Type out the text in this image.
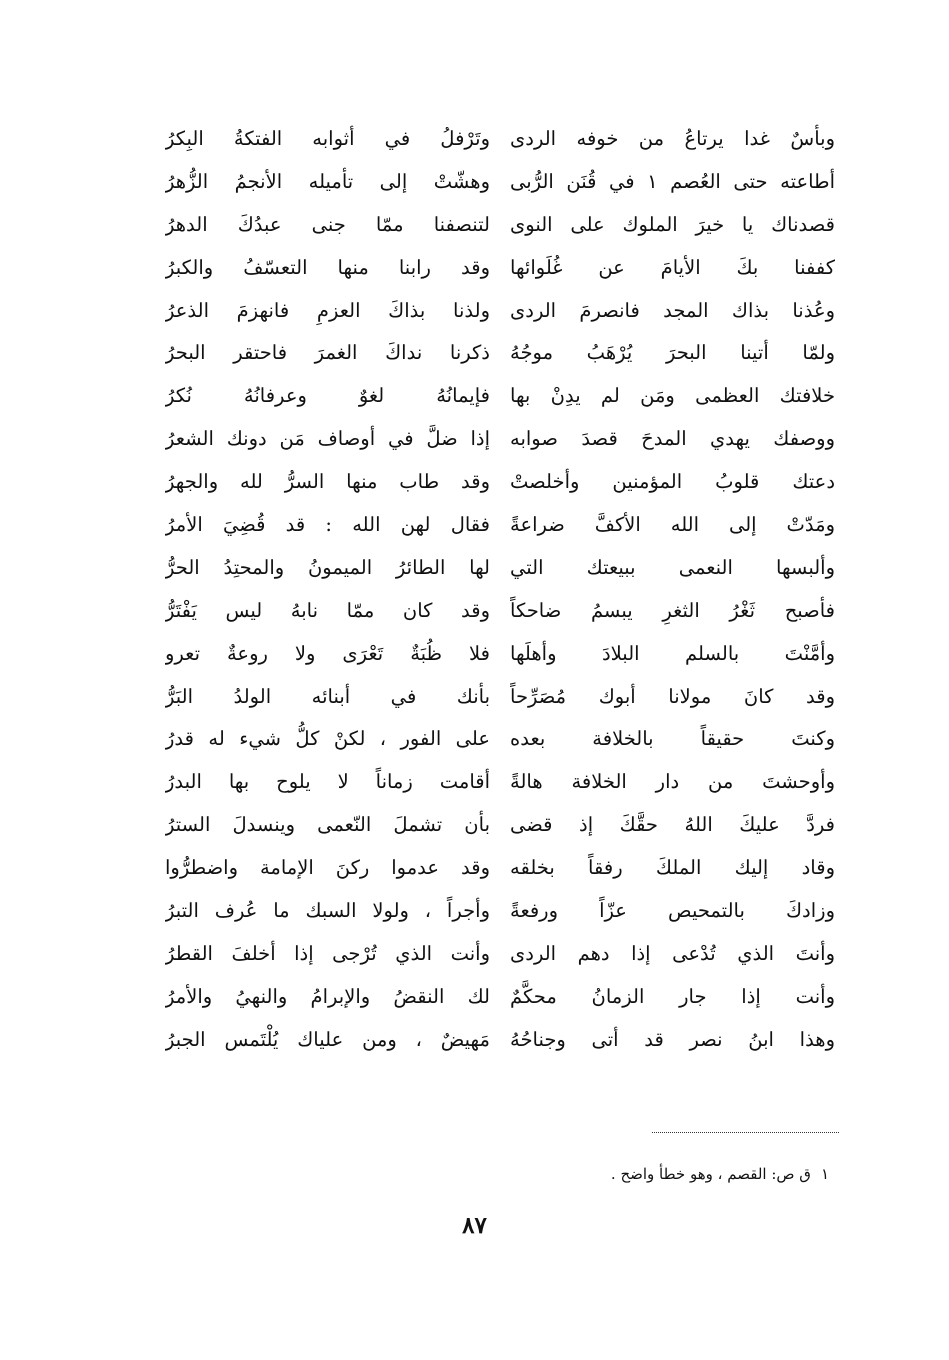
وبأسٌ غدا يرتاعُ من خوفه الردى
أطاعته حتى العُصم ١ في قُنَن الرُّبى
قصدناك يا خيرَ الملوك على النوى
كففنا بكَ الأيامَ عن غُلَوائها
وعُذنا بذاك المجد فانصرمَ الردى
ولمّا أتينا البحرَ يُرْهَبُ موجُهُ
خلافتك العظمى ومَن لم يدِنْ بها
ووصفك يهدي المدحَ قصدَ صوابه
دعتك قلوبُ المؤمنين وأخلصتْ
ومَدّتْ إلى الله الأكفَّ ضراعةً
وألبسها النعمى ببيعتك التي
فأصبح ثَغْرُ الثغرِ يبسمُ ضاحكاً
وأمَّنْتَ بالسلم البلادَ وأهلَها
وقد كانَ مولانا أبوك مُصَرِّحاً
وكنتَ حقيقاً بالخلافة بعده
وأوحشتَ من دار الخلافة هالةً
فردَّ عليكَ اللهُ حقَّكَ إذ قضى
وقاد إليك الملكَ رفقاً بخلقه
وزادكَ بالتمحيص عزّاً ورفعةً
وأنتَ الذي تُدْعى إذا دهم الردى
وأنت إذا جار الزمانُ محكَّمٌ
وهذا ابنُ نصر قد أتى وجناحُهُ
وتَرْفلُ في أثوابه الفتكةُ البِكرُ
وهشّتْ إلى تأميله الأنجمُ الزُّهرُ
لتنصفنا ممّا جنى عبدُكَ الدهرُ
وقد رابنا منها التعسّفُ والكبرُ
ولذنا بذاكَ العزمِ فانهزمَ الذعرُ
ذكرنا نداكَ الغمرَ فاحتقر البحرُ
فإيمانُهُ لغوٌ وعرفانُهُ نُكرُ
إذا ضلَّ في أوصاف مَن دونك الشعرُ
وقد طاب منها السرُّ لله والجهرُ
فقال لهن الله : قد قُضِيَ الأمرُ
لها الطائرُ الميمونُ والمحتِدُ الحرُّ
وقد كان ممّا نابهُ ليس يَفْتَرُّ
فلا ظُبَةٌ تَعْرَى ولا روعةٌ تعرو
بأنك في أبنائه الولدُ البَرُّ
على الفور ، لكنْ كلُّ شيء له قدرُ
أقامت زماناً لا يلوح بها البدرُ
بأن تشملَ النّعمى وينسدلَ السترُ
وقد عدموا ركنَ الإمامة واضطرُّوا
وأجراً ، ولولا السبك ما عُرف التبرُ
وأنت الذي تُرْجى إذا أخلفَ القطرُ
لك النقضُ والإبرامُ والنهيُ والأمرُ
مَهيضٌ ، ومن علياك يُلْتَمس الجبرُ
١ق ص: القصم ، وهو خطأ واضح .
٨٧
